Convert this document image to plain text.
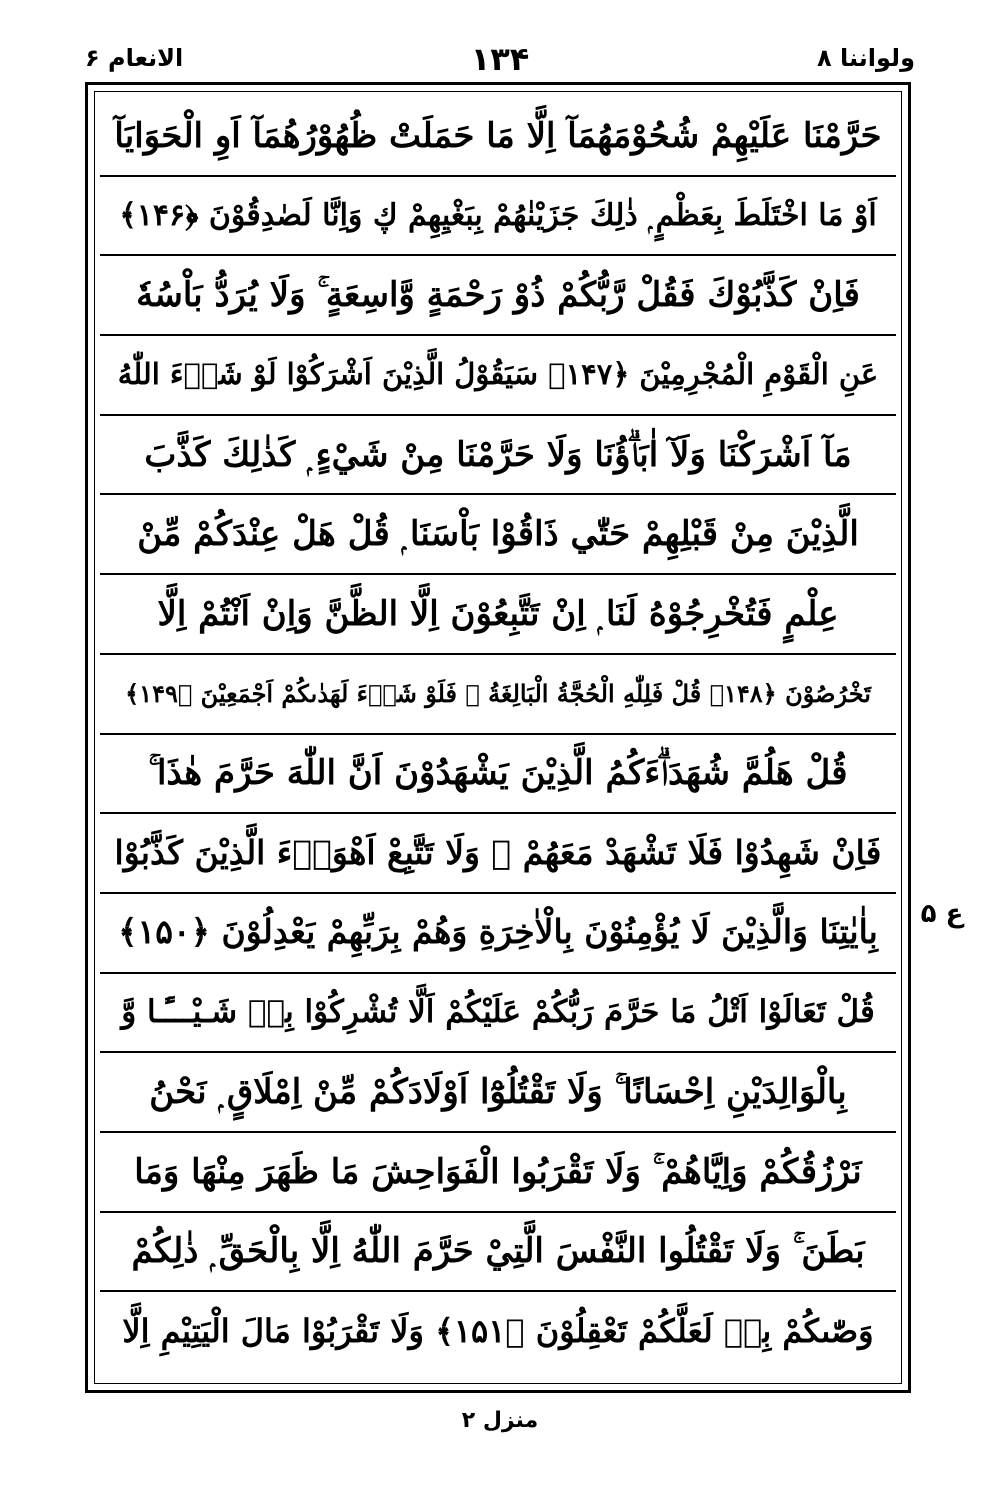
الانعام ۶	۱۳۴	ولواننا ۸
حَرَّمْنَا عَلَيْهِمْ شُحُوْمَهُمَآ اِلَّا مَا حَمَلَتْ ظُهُوْرُهُمَآ اَوِ الْحَوَايَآ
اَوْ مَا اخْتَلَطَ بِعَظْمٍ ۭ ذٰلِكَ جَزَيْنٰهُمْ بِبَغْيِهِمْ ڮ وَاِنَّا لَصٰدِقُوْنَ ﴿۱۴۶﴾
فَاِنْ كَذَّبُوْكَ فَقُلْ رَّبُّكُمْ ذُوْ رَحْمَةٍ وَّاسِعَةٍ ۚ وَلَا يُرَدُّ بَاْسُهٗ
عَنِ الْقَوْمِ الْمُجْرِمِيْنَ ﴿۱۴۷﴾ سَيَقُوْلُ الَّذِيْنَ اَشْرَكُوْا لَوْ شَاۗءَ اللّٰهُ
مَآ اَشْرَكْنَا وَلَآ اٰبَاۗؤُنَا وَلَا حَرَّمْنَا مِنْ شَيْءٍ ۭ كَذٰلِكَ كَذَّبَ
الَّذِيْنَ مِنْ قَبْلِهِمْ حَتّٰي ذَاقُوْا بَاْسَنَا ۭ قُلْ هَلْ عِنْدَكُمْ مِّنْ
عِلْمٍ فَتُخْرِجُوْهُ لَنَا ۭ اِنْ تَتَّبِعُوْنَ اِلَّا الظَّنَّ وَاِنْ اَنْتُمْ اِلَّا
تَخْرُصُوْنَ ﴿۱۴۸﴾ قُلْ فَلِلّٰهِ الْحُجَّةُ الْبَالِغَةُ ۚ فَلَوْ شَاۗءَ لَهَدٰىكُمْ اَجْمَعِيْنَ ﴿۱۴۹﴾
قُلْ هَلُمَّ شُهَدَاۗءَكُمُ الَّذِيْنَ يَشْهَدُوْنَ اَنَّ اللّٰهَ حَرَّمَ هٰذَا ۚ
فَاِنْ شَهِدُوْا فَلَا تَشْهَدْ مَعَهُمْ ۚ وَلَا تَتَّبِعْ اَهْوَاۗءَ الَّذِيْنَ كَذَّبُوْا
بِاٰيٰتِنَا وَالَّذِيْنَ لَا يُؤْمِنُوْنَ بِالْاٰخِرَةِ وَهُمْ بِرَبِّهِمْ يَعْدِلُوْنَ ﴿۱۵۰﴾
قُلْ تَعَالَوْا اَتْلُ مَا حَرَّمَ رَبُّكُمْ عَلَيْكُمْ اَلَّا تُشْرِكُوْا بِهٖ شَـيْـــًٔـا وَّ
بِالْوَالِدَيْنِ اِحْسَانًا ۚ وَلَا تَقْتُلُوْٓا اَوْلَادَكُمْ مِّنْ اِمْلَاقٍ ۭ نَحْنُ
نَرْزُقُكُمْ وَاِيَّاهُمْ ۚ وَلَا تَقْرَبُوا الْفَوَاحِشَ مَا ظَهَرَ مِنْهَا وَمَا
بَطَنَ ۚ وَلَا تَقْتُلُوا النَّفْسَ الَّتِيْ حَرَّمَ اللّٰهُ اِلَّا بِالْحَقِّ ۭ ذٰلِكُمْ
وَصّٰىكُمْ بِهٖ لَعَلَّكُمْ تَعْقِلُوْنَ ﴿۱۵۱﴾ وَلَا تَقْرَبُوْا مَالَ الْيَتِيْمِ اِلَّا
ع ۵
منزل ۲
